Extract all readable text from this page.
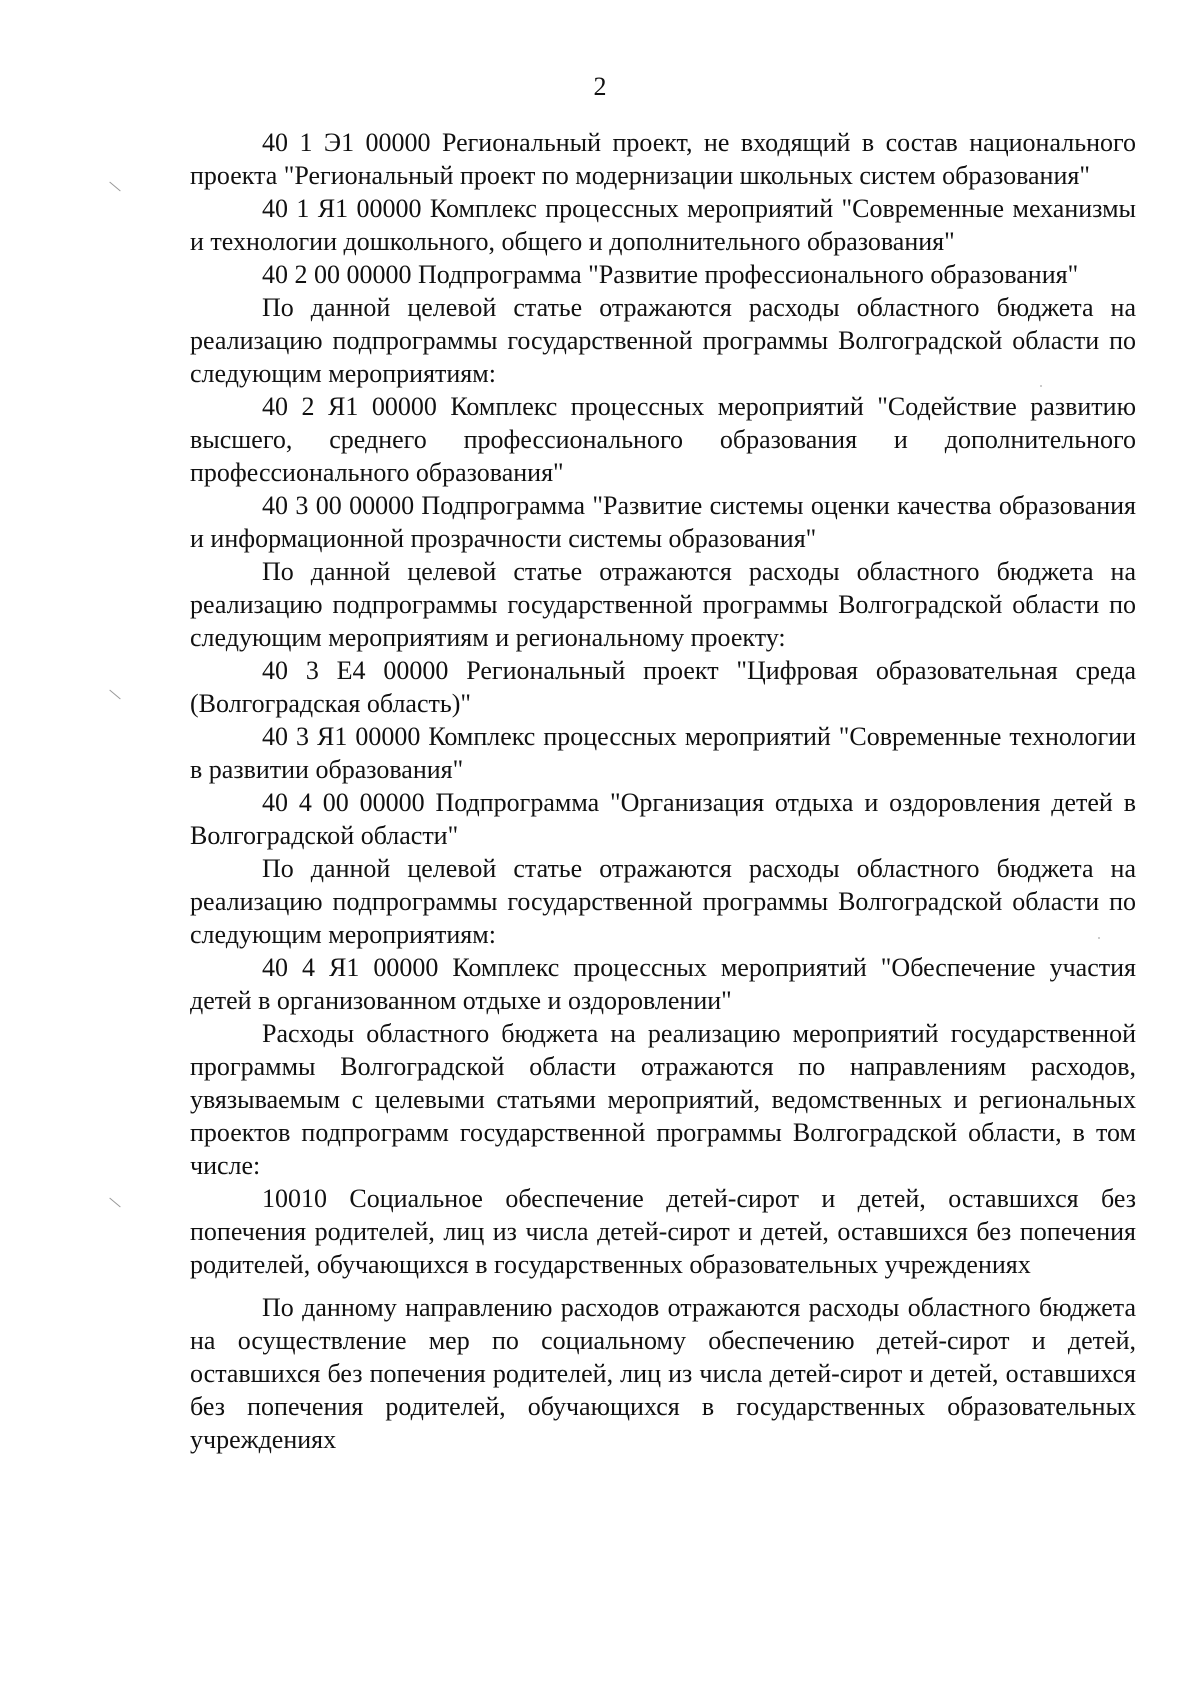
2

40 1 Э1 00000 Региональный проект, не входящий в состав национального проекта "Региональный проект по модернизации школьных систем образования"

40 1 Я1 00000 Комплекс процессных мероприятий "Современные механизмы и технологии дошкольного, общего и дополнительного образования"

40 2 00 00000 Подпрограмма "Развитие профессионального образования"

По данной целевой статье отражаются расходы областного бюджета на реализацию подпрограммы государственной программы Волгоградской области по следующим мероприятиям:

40 2 Я1 00000 Комплекс процессных мероприятий "Содействие развитию высшего, среднего профессионального образования и дополнительного профессионального образования"

40 3 00 00000 Подпрограмма "Развитие системы оценки качества образования и информационной прозрачности системы образования"

По данной целевой статье отражаются расходы областного бюджета на реализацию подпрограммы государственной программы Волгоградской области по следующим мероприятиям и региональному проекту:

40 3 Е4 00000 Региональный проект "Цифровая образовательная среда (Волгоградская область)"

40 3 Я1 00000 Комплекс процессных мероприятий "Современные технологии в развитии образования"

40 4 00 00000 Подпрограмма "Организация отдыха и оздоровления детей в Волгоградской области"

По данной целевой статье отражаются расходы областного бюджета на реализацию подпрограммы государственной программы Волгоградской области по следующим мероприятиям:

40 4 Я1 00000 Комплекс процессных мероприятий "Обеспечение участия детей в организованном отдыхе и оздоровлении"

Расходы областного бюджета на реализацию мероприятий государственной программы Волгоградской области отражаются по направлениям расходов, увязываемым с целевыми статьями мероприятий, ведомственных и региональных проектов подпрограмм государственной программы Волгоградской области, в том числе:

10010 Социальное обеспечение детей-сирот и детей, оставшихся без попечения родителей, лиц из числа детей-сирот и детей, оставшихся без попечения родителей, обучающихся в государственных образовательных учреждениях

По данному направлению расходов отражаются расходы областного бюджета на осуществление мер по социальному обеспечению детей-сирот и детей, оставшихся без попечения родителей, лиц из числа детей-сирот и детей, оставшихся без попечения родителей, обучающихся в государственных образовательных учреждениях
